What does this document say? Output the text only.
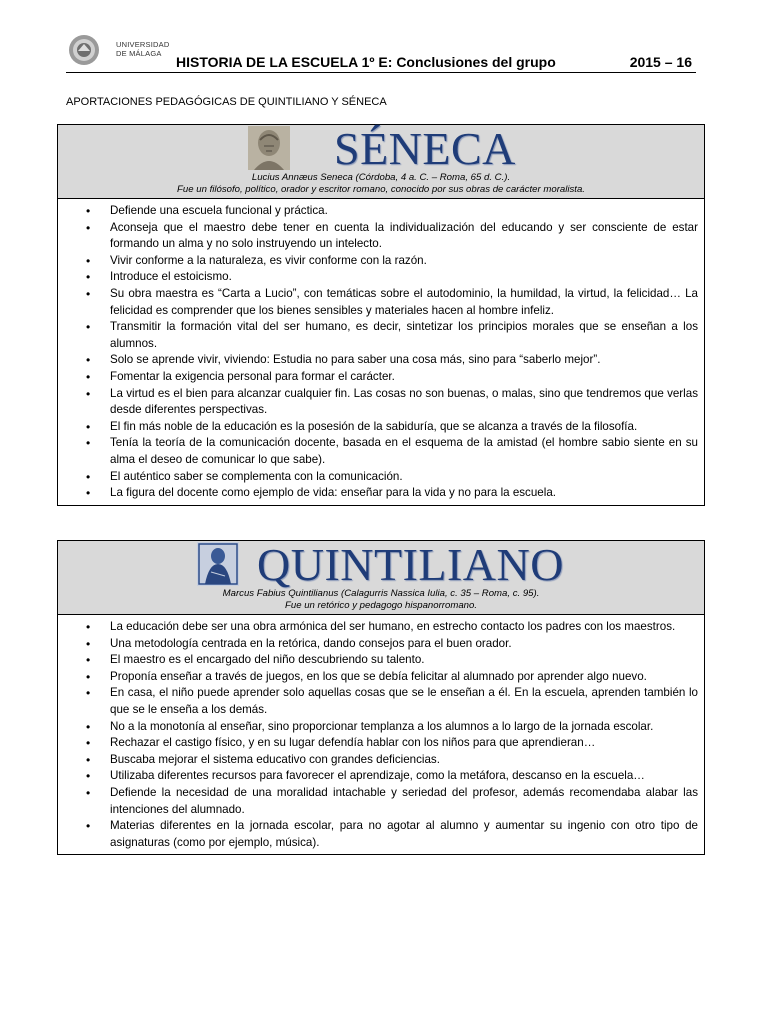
UNIVERSIDAD
DE MÁLAGA
HISTORIA DE LA ESCUELA 1º E: Conclusiones del grupo	2015 – 16
APORTACIONES PEDAGÓGICAS DE QUINTILIANO Y SÉNECA
SÉNECA
Lucius Annæus Seneca (Córdoba, 4 a. C. – Roma, 65 d. C.).
Fue un filósofo, político, orador y escritor romano, conocido por sus obras de carácter moralista.
• Defiende una escuela funcional y práctica.
• Aconseja que el maestro debe tener en cuenta la individualización del educando y ser consciente de estar formando un alma y no solo instruyendo un intelecto.
• Vivir conforme a la naturaleza, es vivir conforme con la razón.
• Introduce el estoicismo.
• Su obra maestra es “Carta a Lucio”, con temáticas sobre el autodominio, la humildad, la virtud, la felicidad… La felicidad es comprender que los bienes sensibles y materiales hacen al hombre infeliz.
• Transmitir la formación vital del ser humano, es decir, sintetizar los principios morales que se enseñan a los alumnos.
• Solo se aprende vivir, viviendo: Estudia no para saber una cosa más, sino para “saberlo mejor”.
• Fomentar la exigencia personal para formar el carácter.
• La virtud es el bien para alcanzar cualquier fin. Las cosas no son buenas, o malas, sino que tendremos que verlas desde diferentes perspectivas.
• El fin más noble de la educación es la posesión de la sabiduría, que se alcanza a través de la filosofía.
• Tenía la teoría de la comunicación docente, basada en el esquema de la amistad (el hombre sabio siente en su alma el deseo de comunicar lo que sabe).
• El auténtico saber se complementa con la comunicación.
• La figura del docente como ejemplo de vida: enseñar para la vida y no para la escuela.
QUINTILIANO
Marcus Fabius Quintilianus (Calagurris Nassica Iulia, c. 35 – Roma, c. 95).
Fue un retórico y pedagogo hispanorromano.
• La educación debe ser una obra armónica del ser humano, en estrecho contacto los padres con los maestros.
• Una metodología centrada en la retórica, dando consejos para el buen orador.
• El maestro es el encargado del niño descubriendo su talento.
• Proponía enseñar a través de juegos, en los que se debía felicitar al alumnado por aprender algo nuevo.
• En casa, el niño puede aprender solo aquellas cosas que se le enseñan a él. En la escuela, aprenden también lo que se le enseña a los demás.
• No a la monotonía al enseñar, sino proporcionar templanza a los alumnos a lo largo de la jornada escolar.
• Rechazar el castigo físico, y en su lugar defendía hablar con los niños para que aprendieran…
• Buscaba mejorar el sistema educativo con grandes deficiencias.
• Utilizaba diferentes recursos para favorecer el aprendizaje, como la metáfora, descanso en la escuela…
• Defiende la necesidad de una moralidad intachable y seriedad del profesor, además recomendaba alabar las intenciones del alumnado.
• Materias diferentes en la jornada escolar, para no agotar al alumno y aumentar su ingenio con otro tipo de asignaturas (como por ejemplo, música).
